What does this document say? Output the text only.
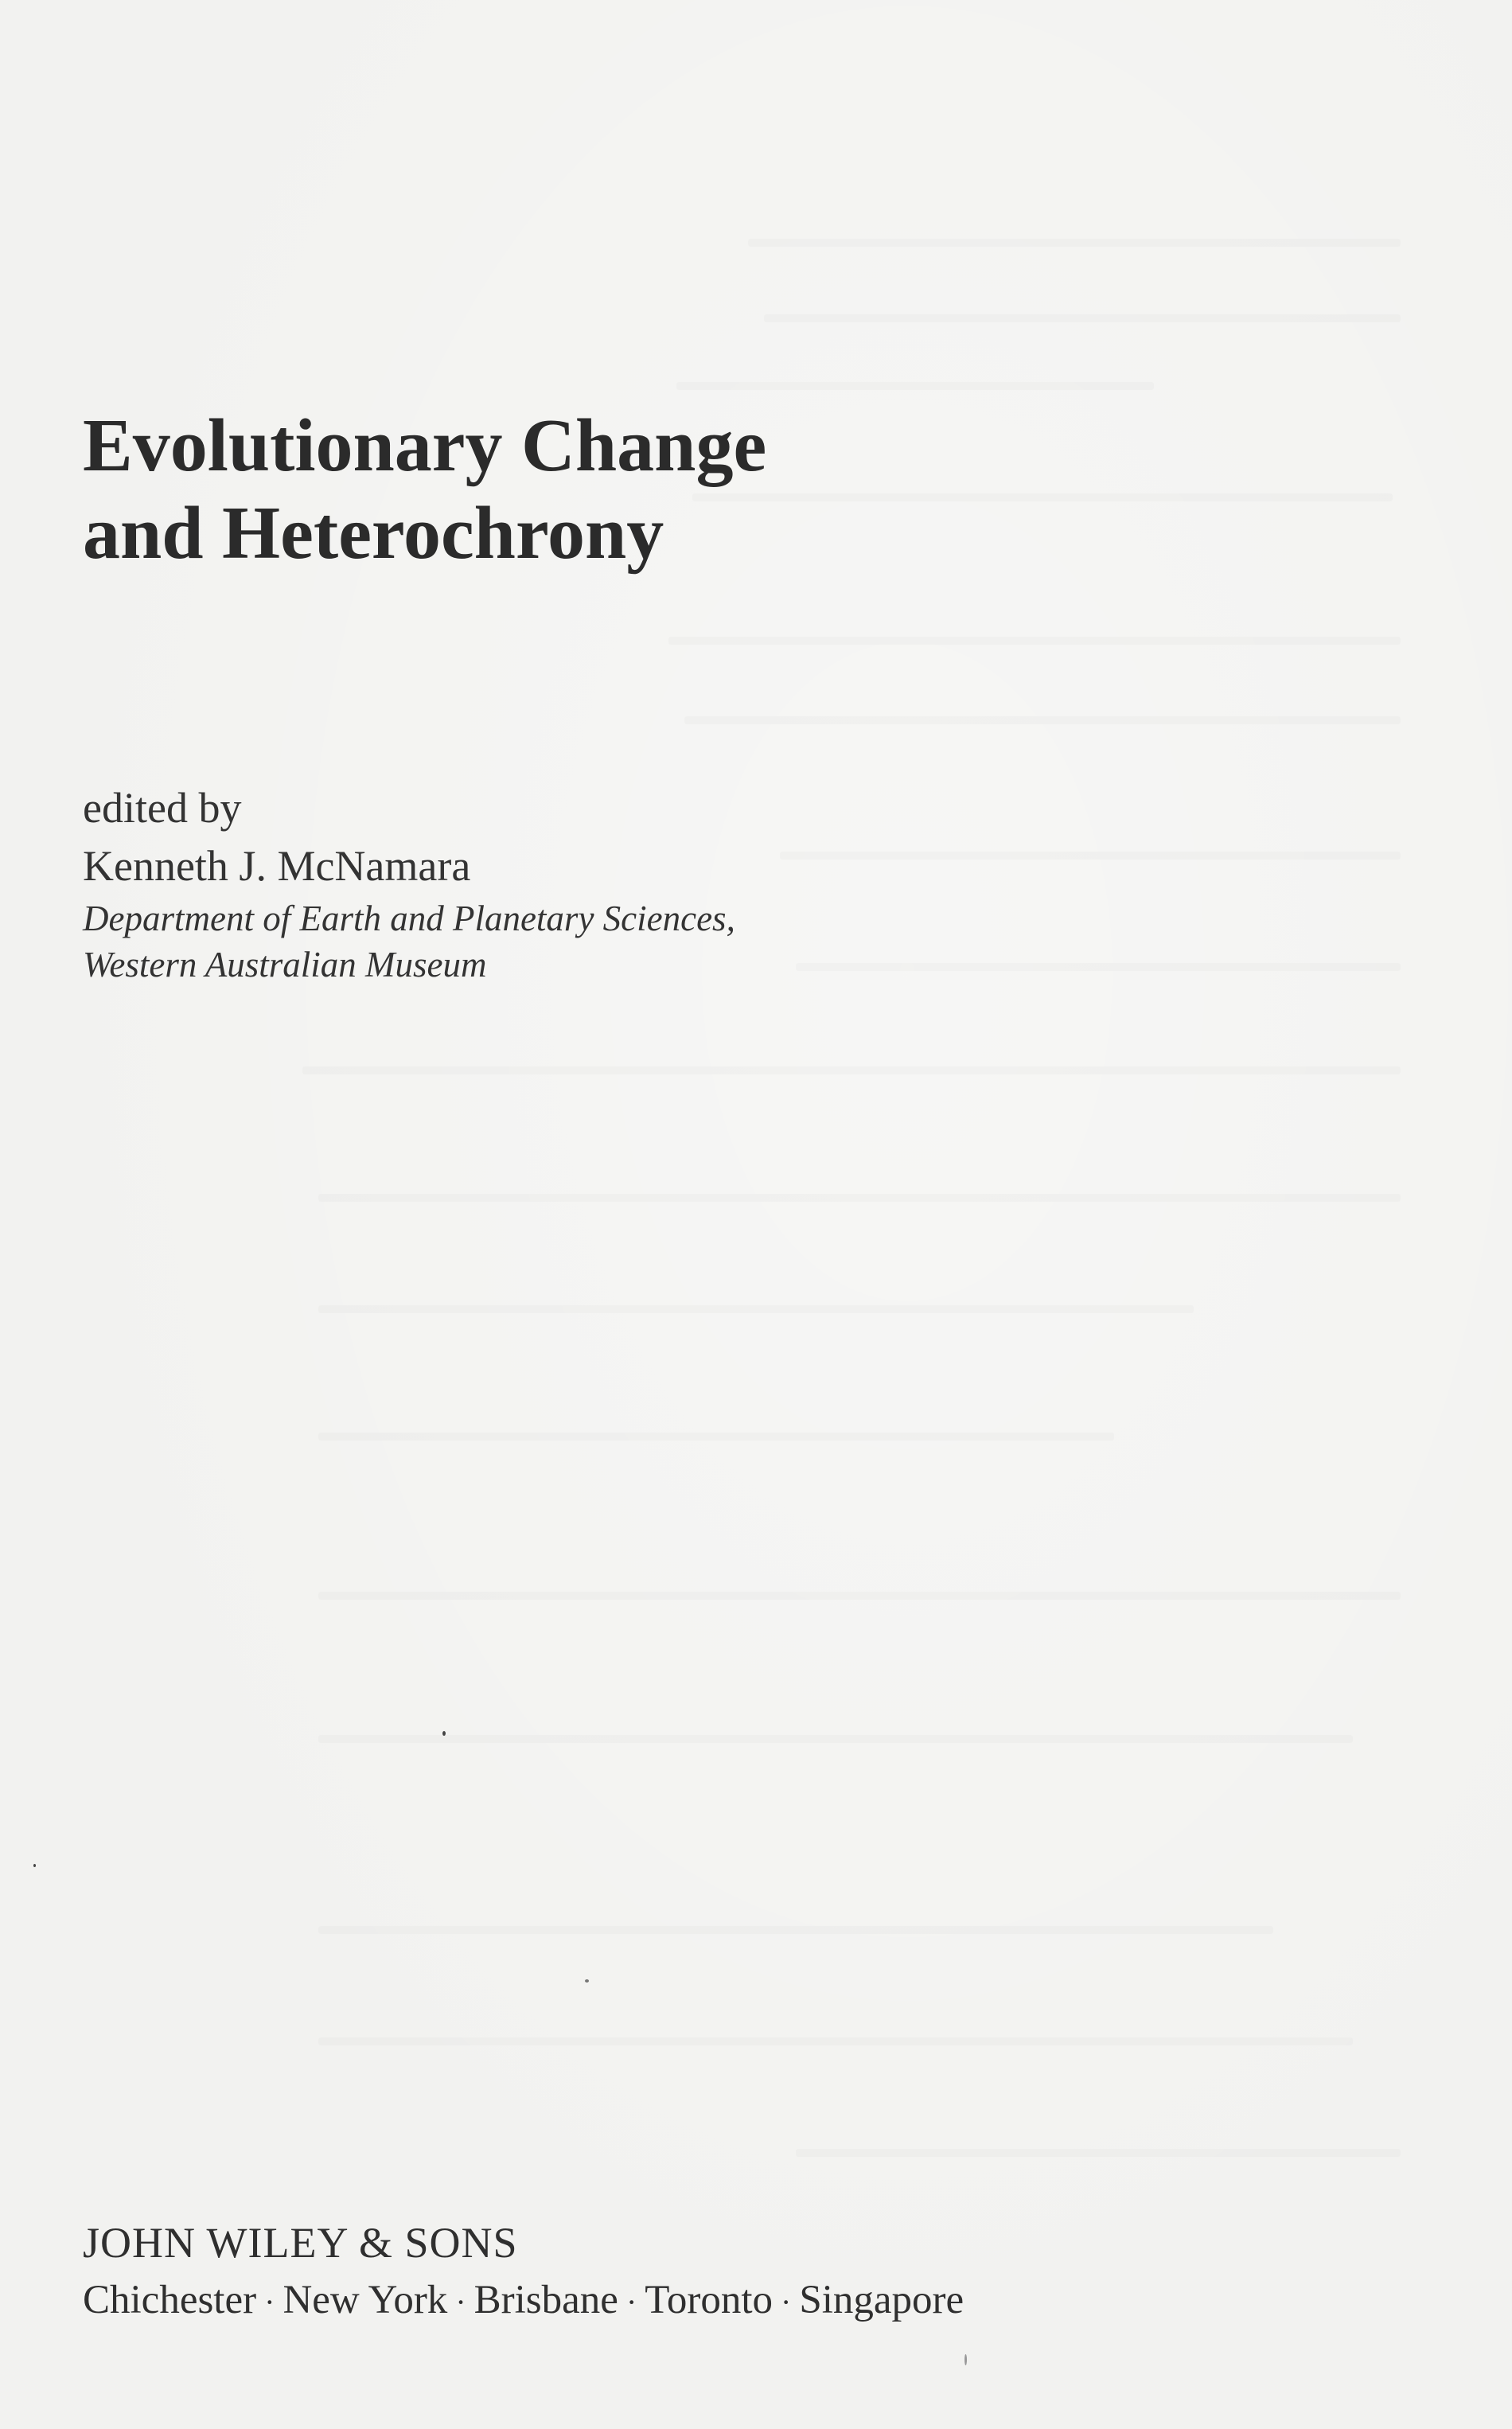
Evolutionary Change
and Heterochrony
edited by
Kenneth J. McNamara
Department of Earth and Planetary Sciences,
Western Australian Museum
JOHN WILEY & SONS
Chichester · New York · Brisbane · Toronto · Singapore
